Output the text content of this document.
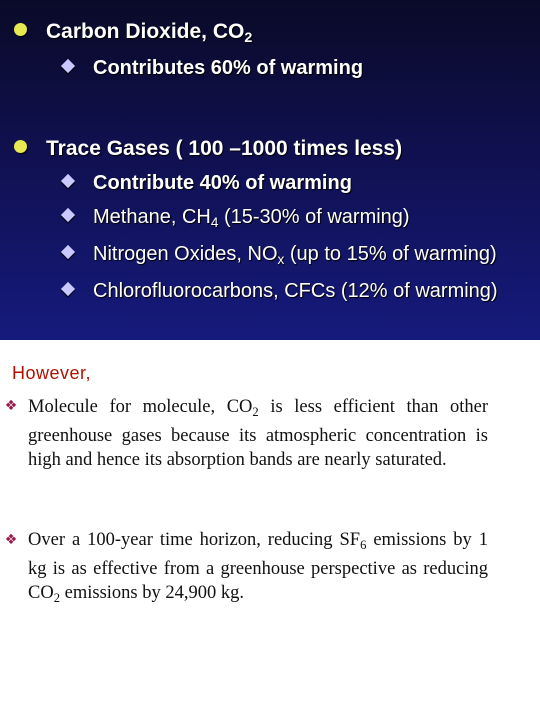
Carbon Dioxide, $CO_2$
Contributes 60% of warming
Trace Gases ( 100 –1000 times less)
Contribute 40% of warming
Methane, $CH_4$ (15-30% of warming)
Nitrogen Oxides, $NO_x$ (up to 15% of warming)
Chlorofluorocarbons, CFCs (12% of warming)
However,
❖ Molecule for molecule, $CO_2$ is less efficient than other greenhouse gases because its atmospheric concentration is high and hence its absorption bands are nearly saturated.

❖ Over a 100-year time horizon, reducing $SF_6$ emissions by 1 kg is as effective from a greenhouse perspective as reducing $CO_2$ emissions by 24,900 kg.
